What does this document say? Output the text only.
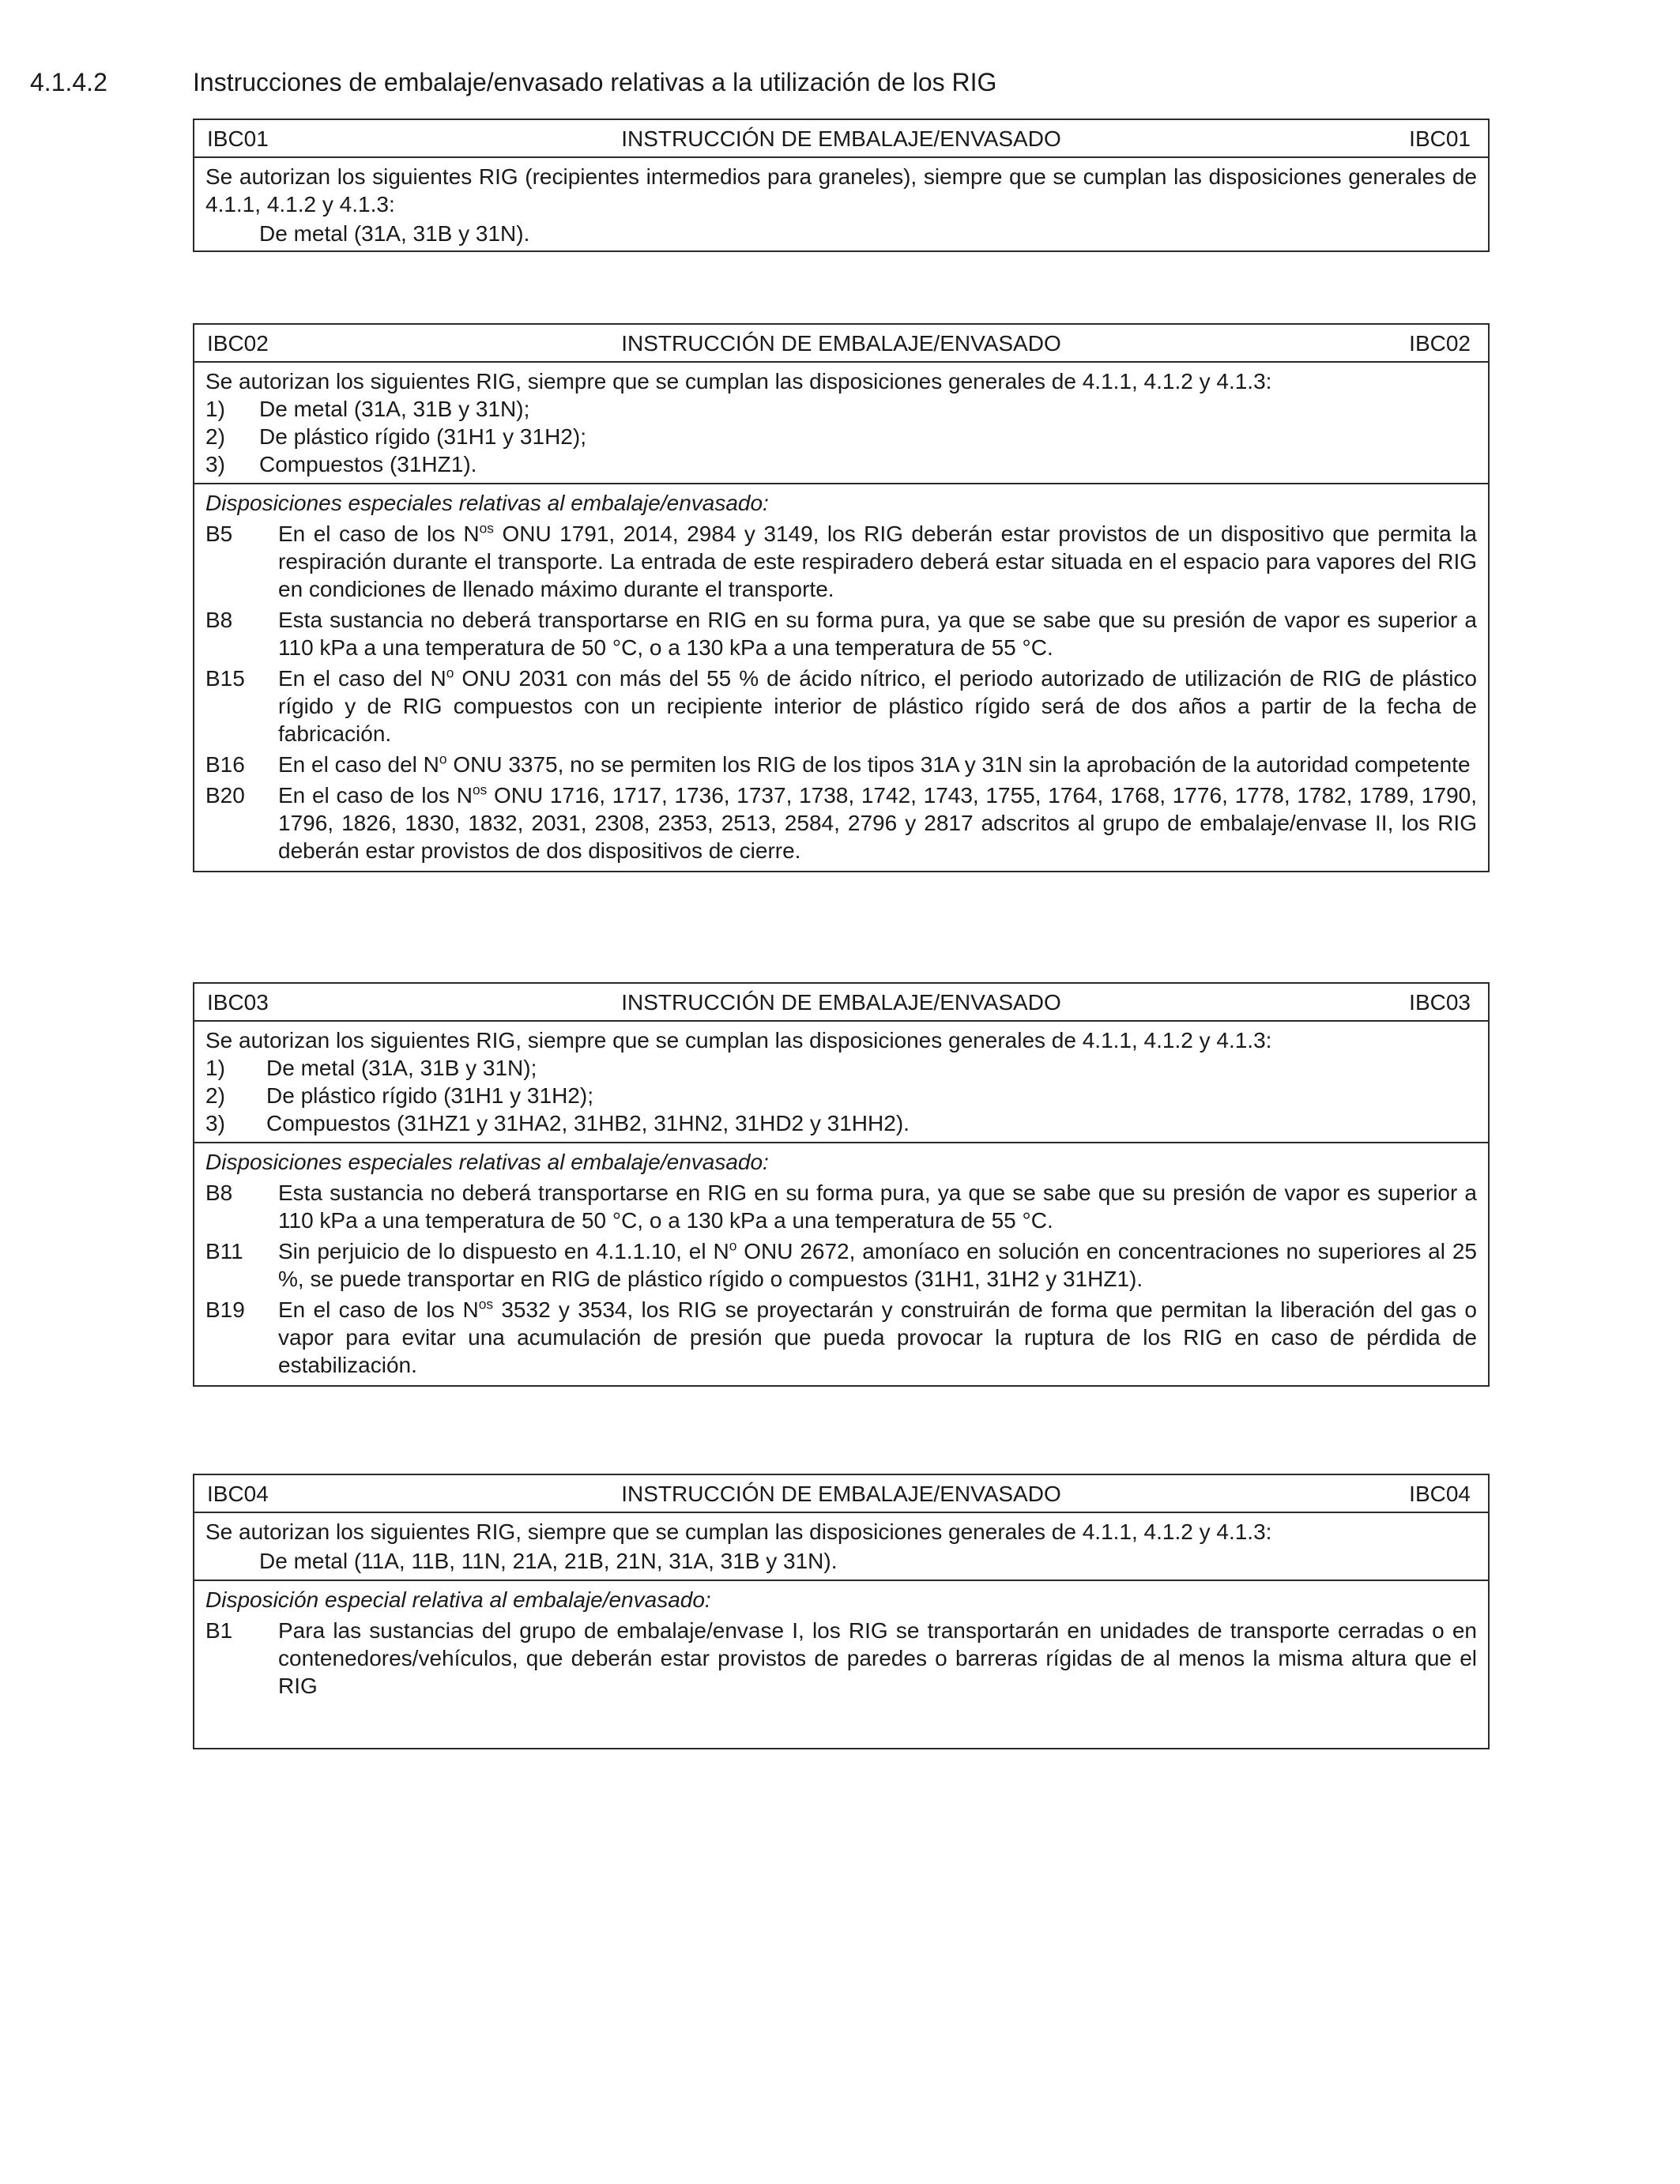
4.1.4.2	Instrucciones de embalaje/envasado relativas a la utilización de los RIG
IBC01	INSTRUCCIÓN DE EMBALAJE/ENVASADO	IBC01
Se autorizan los siguientes RIG (recipientes intermedios para graneles), siempre que se cumplan las disposiciones generales de 4.1.1, 4.1.2 y 4.1.3:
De metal (31A, 31B y 31N).
IBC02	INSTRUCCIÓN DE EMBALAJE/ENVASADO	IBC02
Se autorizan los siguientes RIG, siempre que se cumplan las disposiciones generales de 4.1.1, 4.1.2 y 4.1.3:
1)	De metal (31A, 31B y 31N);
2)	De plástico rígido (31H1 y 31H2);
3)	Compuestos (31HZ1).
Disposiciones especiales relativas al embalaje/envasado:
B5	En el caso de los $N^{os}$ ONU 1791, 2014, 2984 y 3149, los RIG deberán estar provistos de un dispositivo que permita la respiración durante el transporte. La entrada de este respiradero deberá estar situada en el espacio para vapores del RIG en condiciones de llenado máximo durante el transporte.
B8	Esta sustancia no deberá transportarse en RIG en su forma pura, ya que se sabe que su presión de vapor es superior a 110 kPa a una temperatura de 50 °C, o a 130 kPa a una temperatura de 55 °C.
B15	En el caso del $N^o$ ONU 2031 con más del 55 % de ácido nítrico, el periodo autorizado de utilización de RIG de plástico rígido y de RIG compuestos con un recipiente interior de plástico rígido será de dos años a partir de la fecha de fabricación.
B16	En el caso del $N^o$ ONU 3375, no se permiten los RIG de los tipos 31A y 31N sin la aprobación de la autoridad competente
B20	En el caso de los $N^{os}$ ONU 1716, 1717, 1736, 1737, 1738, 1742, 1743, 1755, 1764, 1768, 1776, 1778, 1782, 1789, 1790, 1796, 1826, 1830, 1832, 2031, 2308, 2353, 2513, 2584, 2796 y 2817 adscritos al grupo de embalaje/envase II, los RIG deberán estar provistos de dos dispositivos de cierre.
IBC03	INSTRUCCIÓN DE EMBALAJE/ENVASADO	IBC03
Se autorizan los siguientes RIG, siempre que se cumplan las disposiciones generales de 4.1.1, 4.1.2 y 4.1.3:
1)	De metal (31A, 31B y 31N);
2)	De plástico rígido (31H1 y 31H2);
3)	Compuestos (31HZ1 y 31HA2, 31HB2, 31HN2, 31HD2 y 31HH2).
Disposiciones especiales relativas al embalaje/envasado:
B8	Esta sustancia no deberá transportarse en RIG en su forma pura, ya que se sabe que su presión de vapor es superior a 110 kPa a una temperatura de 50 °C, o a 130 kPa a una temperatura de 55 °C.
B11	Sin perjuicio de lo dispuesto en 4.1.1.10, el $N^o$ ONU 2672, amoníaco en solución en concentraciones no superiores al 25 %, se puede transportar en RIG de plástico rígido o compuestos (31H1, 31H2 y 31HZ1).
B19	En el caso de los $N^{os}$ 3532 y 3534, los RIG se proyectarán y construirán de forma que permitan la liberación del gas o vapor para evitar una acumulación de presión que pueda provocar la ruptura de los RIG en caso de pérdida de estabilización.
IBC04	INSTRUCCIÓN DE EMBALAJE/ENVASADO	IBC04
Se autorizan los siguientes RIG, siempre que se cumplan las disposiciones generales de 4.1.1, 4.1.2 y 4.1.3:
De metal (11A, 11B, 11N, 21A, 21B, 21N, 31A, 31B y 31N).
Disposición especial relativa al embalaje/envasado:
B1	Para las sustancias del grupo de embalaje/envase I, los RIG se transportarán en unidades de transporte cerradas o en contenedores/vehículos, que deberán estar provistos de paredes o barreras rígidas de al menos la misma altura que el RIG
